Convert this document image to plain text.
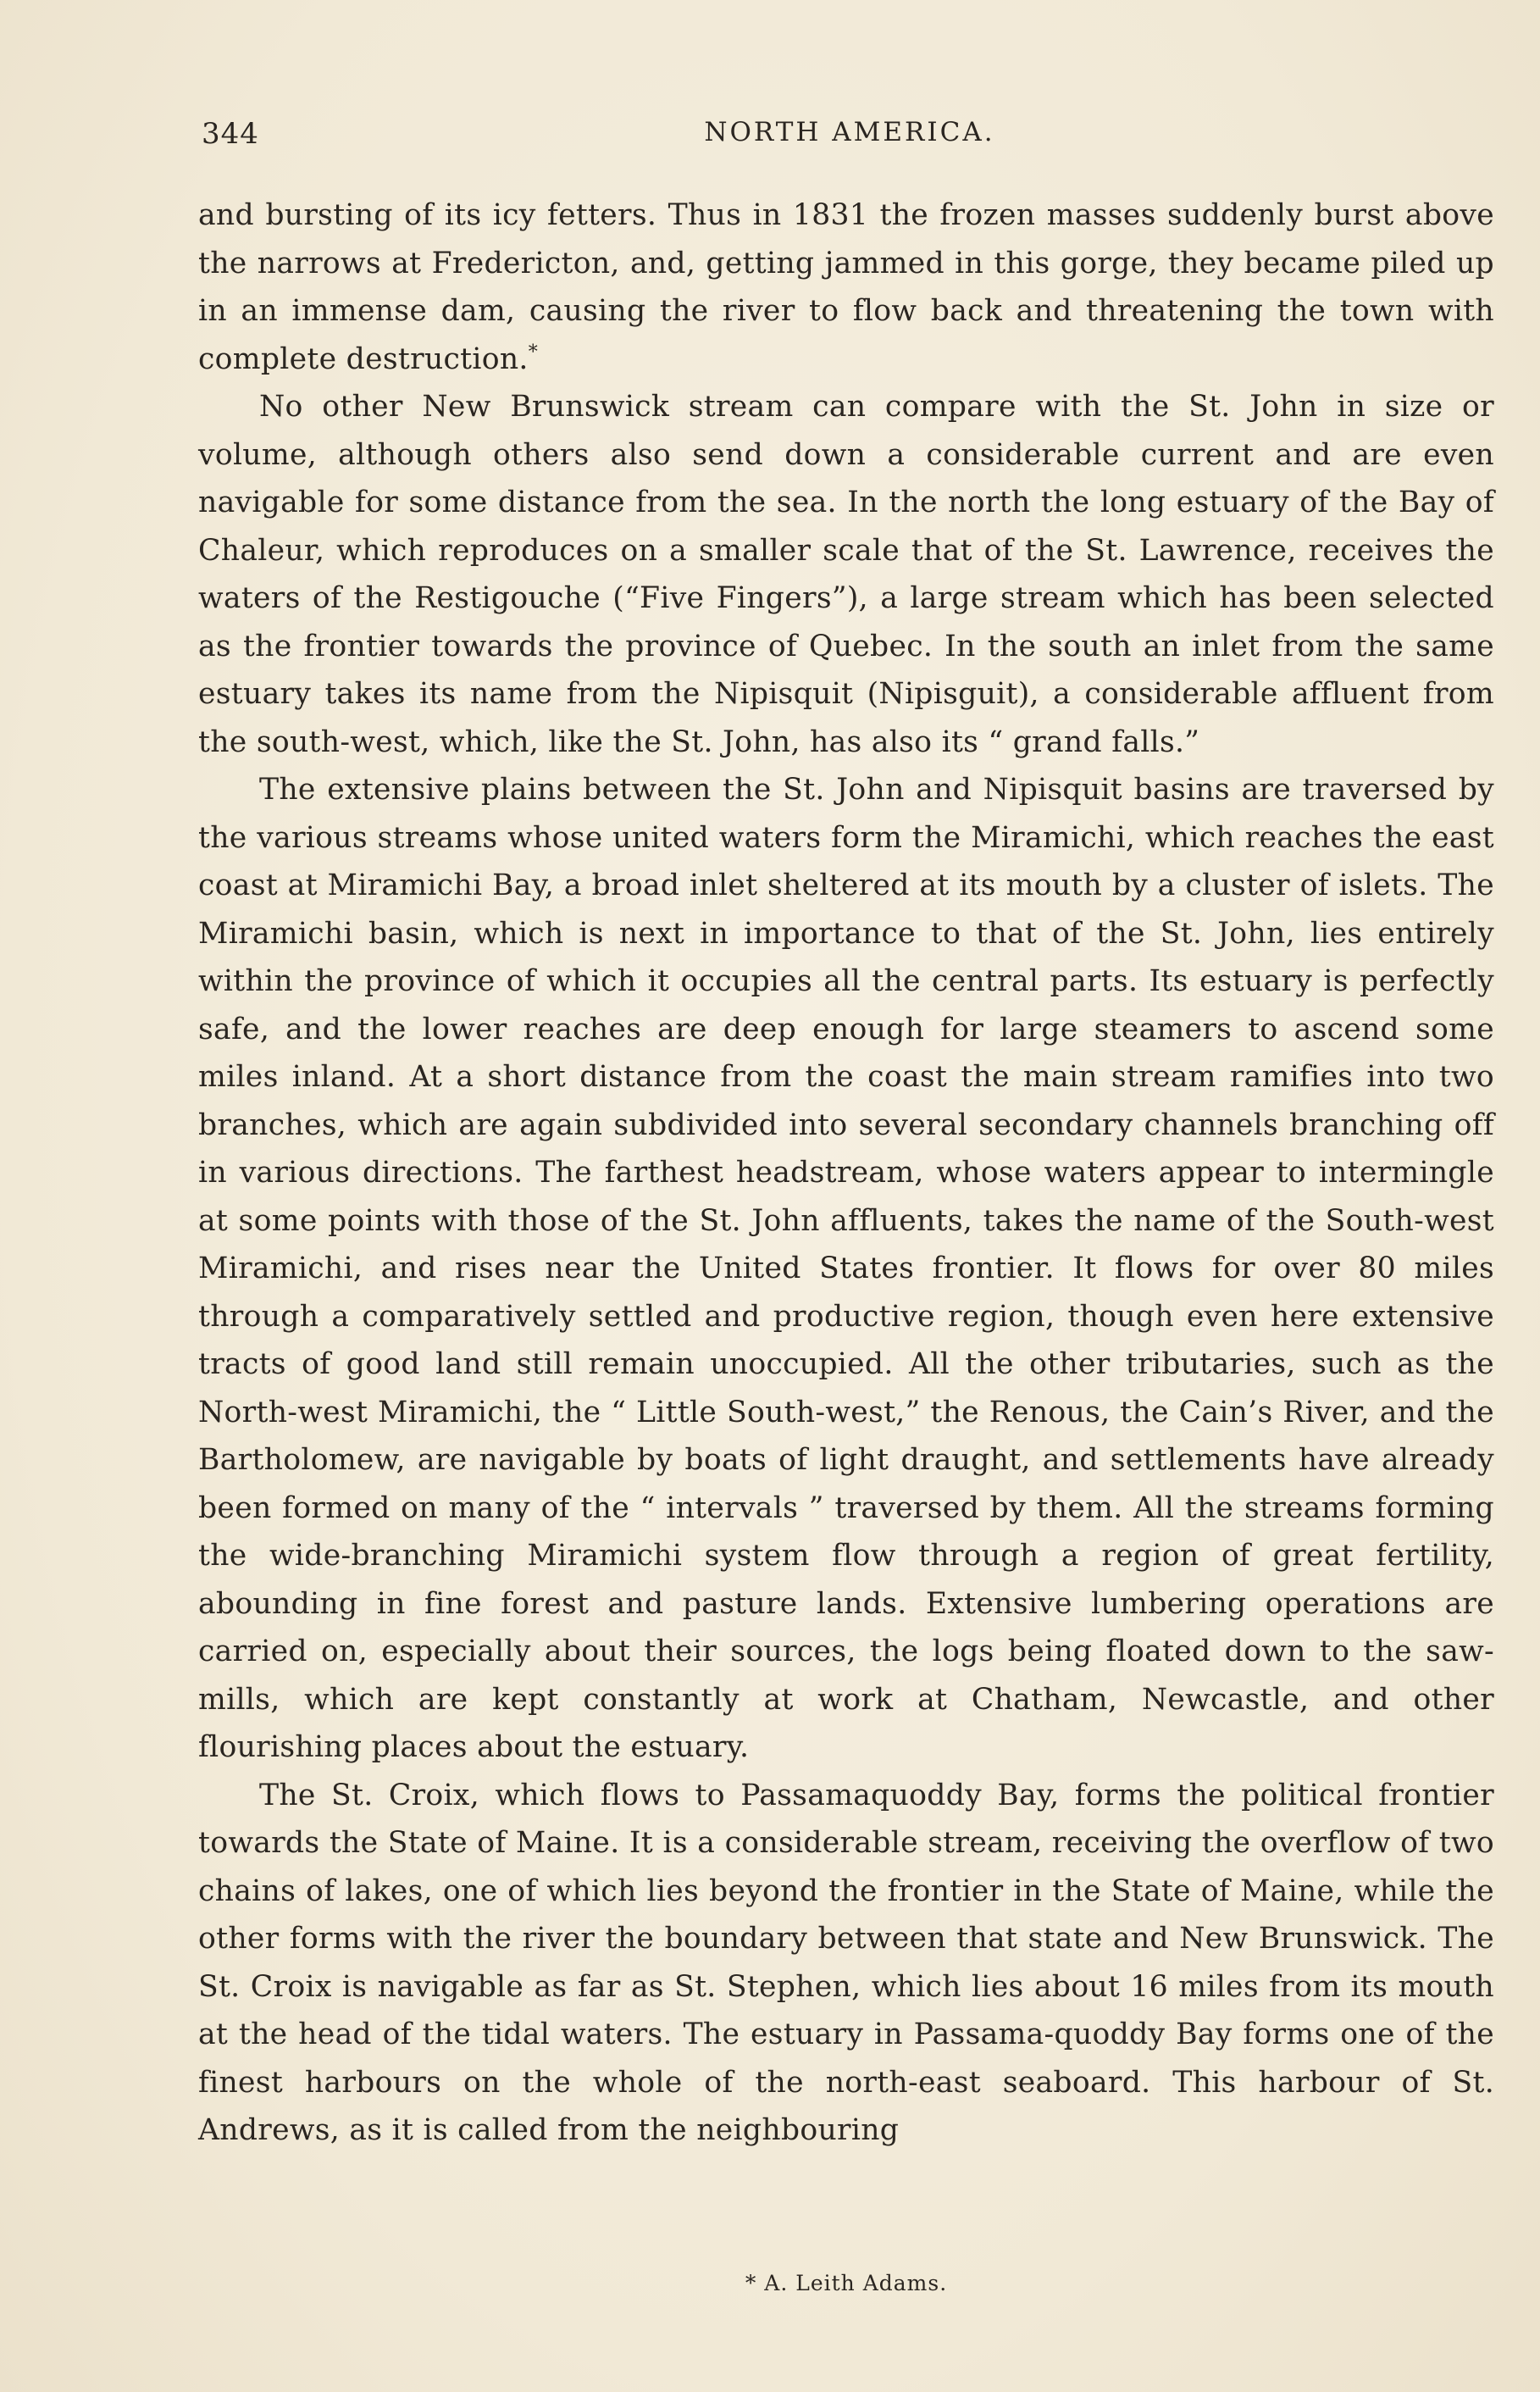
344	NORTH AMERICA.

and bursting of its icy fetters. Thus in 1831 the frozen masses suddenly burst above the narrows at Fredericton, and, getting jammed in this gorge, they became piled up in an immense dam, causing the river to flow back and threatening the town with complete destruction.*

No other New Brunswick stream can compare with the St. John in size or volume, although others also send down a considerable current and are even navigable for some distance from the sea. In the north the long estuary of the Bay of Chaleur, which reproduces on a smaller scale that of the St. Lawrence, receives the waters of the Restigouche (“Five Fingers”), a large stream which has been selected as the frontier towards the province of Quebec. In the south an inlet from the same estuary takes its name from the Nipisquit (Nipisguit), a considerable affluent from the south-west, which, like the St. John, has also its “ grand falls.”

The extensive plains between the St. John and Nipisquit basins are traversed by the various streams whose united waters form the Miramichi, which reaches the east coast at Miramichi Bay, a broad inlet sheltered at its mouth by a cluster of islets. The Miramichi basin, which is next in importance to that of the St. John, lies entirely within the province of which it occupies all the central parts. Its estuary is perfectly safe, and the lower reaches are deep enough for large steamers to ascend some miles inland. At a short distance from the coast the main stream ramifies into two branches, which are again subdivided into several secondary channels branching off in various directions. The farthest headstream, whose waters appear to intermingle at some points with those of the St. John affluents, takes the name of the South-west Miramichi, and rises near the United States frontier. It flows for over 80 miles through a comparatively settled and productive region, though even here extensive tracts of good land still remain unoccupied. All the other tributaries, such as the North-west Miramichi, the “ Little South-west,” the Renous, the Cain’s River, and the Bartholomew, are navigable by boats of light draught, and settlements have already been formed on many of the “ intervals ” traversed by them. All the streams forming the wide-branching Miramichi system flow through a region of great fertility, abounding in fine forest and pasture lands. Extensive lumbering operations are carried on, especially about their sources, the logs being floated down to the saw-mills, which are kept constantly at work at Chatham, Newcastle, and other flourishing places about the estuary.

The St. Croix, which flows to Passamaquoddy Bay, forms the political frontier towards the State of Maine. It is a considerable stream, receiving the overflow of two chains of lakes, one of which lies beyond the frontier in the State of Maine, while the other forms with the river the boundary between that state and New Brunswick. The St. Croix is navigable as far as St. Stephen, which lies about 16 miles from its mouth at the head of the tidal waters. The estuary in Passama-quoddy Bay forms one of the finest harbours on the whole of the north-east seaboard. This harbour of St. Andrews, as it is called from the neighbouring

* A. Leith Adams.
